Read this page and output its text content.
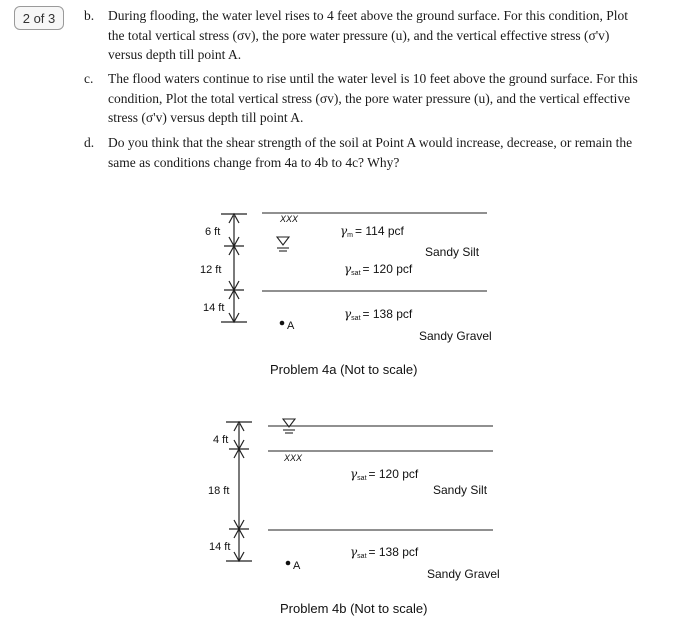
2 of 3	b. During flooding, the water level rises to 4 feet above the ground surface. For this condition, Plot the total vertical stress (σv), the pore water pressure (u), and the vertical effective stress (σ'v) versus depth till point A.
c. The flood waters continue to rise until the water level is 10 feet above the ground surface. For this condition, Plot the total vertical stress (σv), the pore water pressure (u), and the vertical effective stress (σ'v) versus depth till point A.
d. Do you think that the shear strength of the soil at Point A would increase, decrease, or remain the same as conditions change from 4a to 4b to 4c? Why?
6 ft
12 ft
14 ft
XXX
γm = 114 pcf
Sandy Silt
γsat = 120 pcf
γsat = 138 pcf
A
Sandy Gravel
Problem 4a (Not to scale)
4 ft
18 ft
14 ft
XXX
γsat = 120 pcf
Sandy Silt
γsat = 138 pcf
A
Sandy Gravel
Problem 4b (Not to scale)
